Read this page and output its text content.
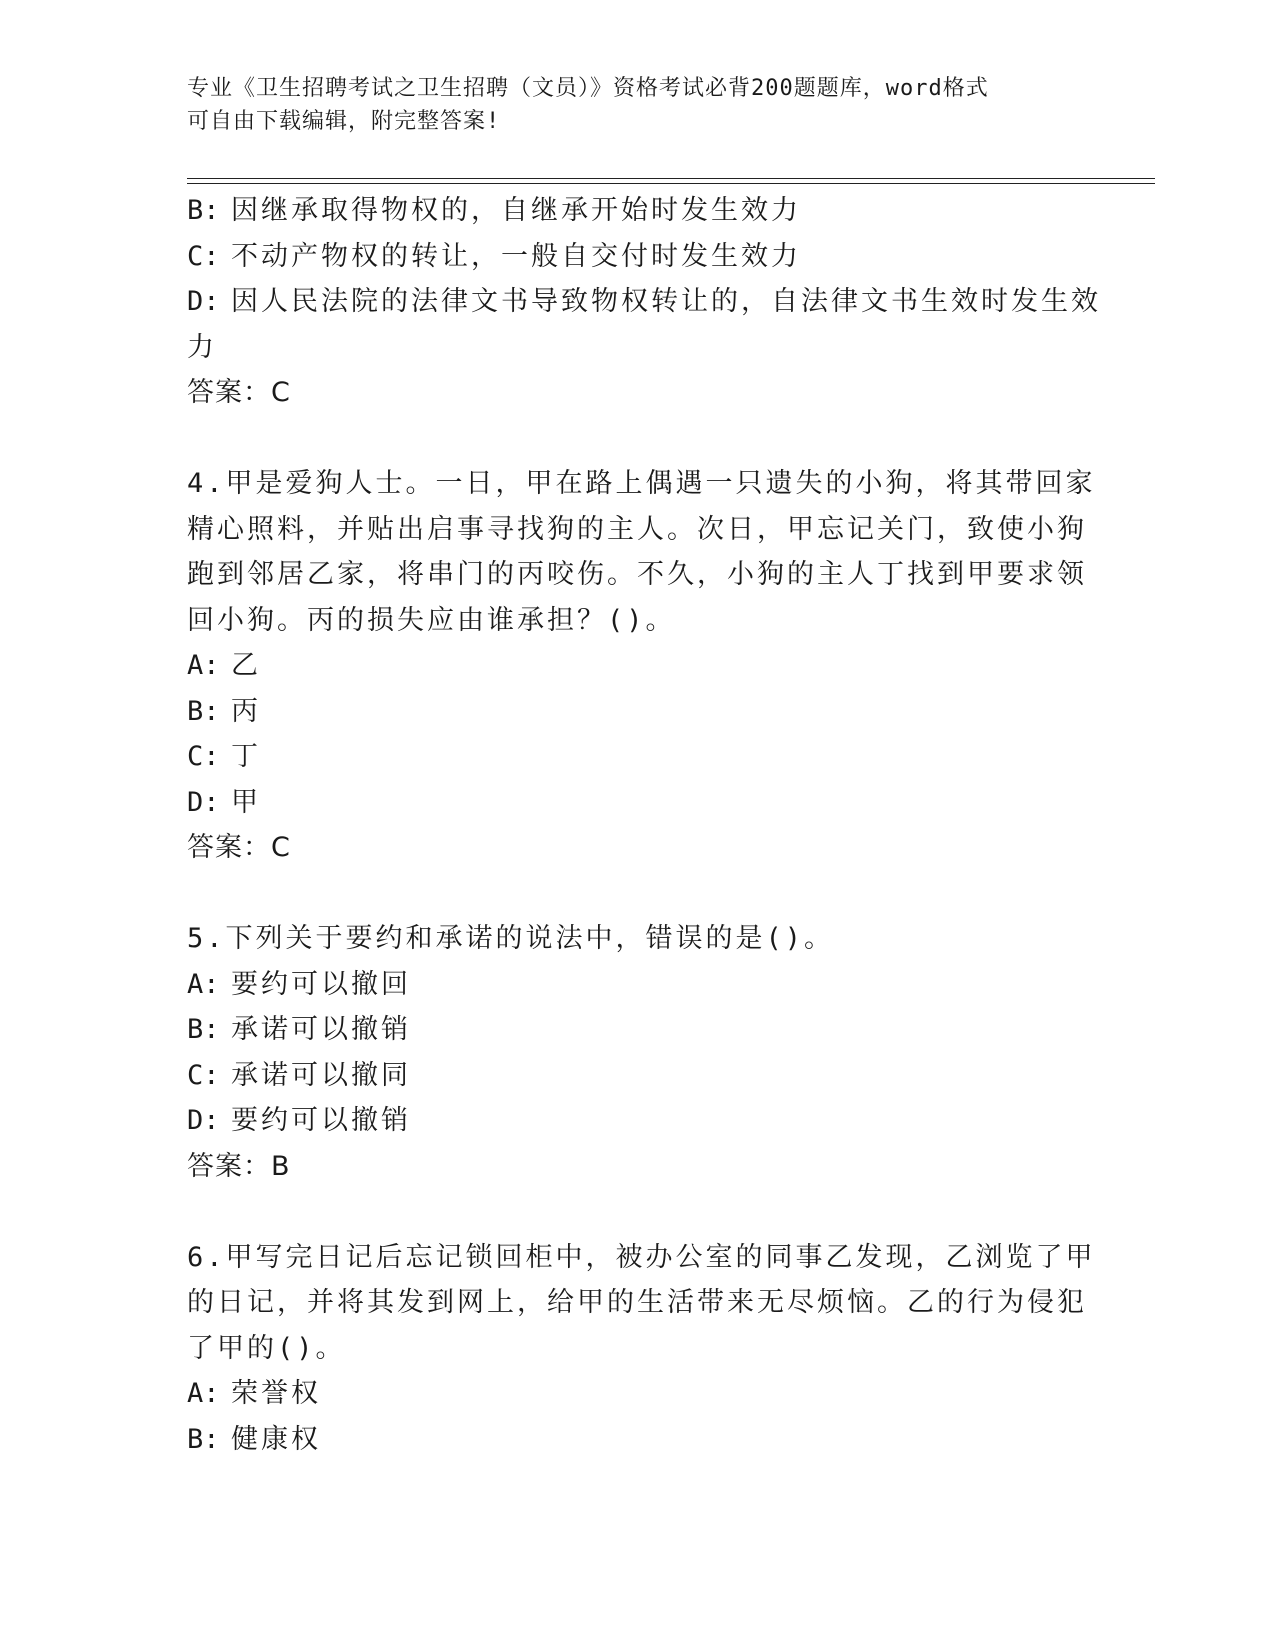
专业《卫生招聘考试之卫生招聘（文员）》资格考试必背200题题库，word格式
可自由下载编辑，附完整答案!
B: 因继承取得物权的，自继承开始时发生效力
C: 不动产物权的转让，一般自交付时发生效力
D: 因人民法院的法律文书导致物权转让的，自法律文书生效时发生效
力
答案：C
4.甲是爱狗人士。一日，甲在路上偶遇一只遗失的小狗，将其带回家
精心照料，并贴出启事寻找狗的主人。次日，甲忘记关门，致使小狗
跑到邻居乙家，将串门的丙咬伤。不久，小狗的主人丁找到甲要求领
回小狗。丙的损失应由谁承担？()。
A: 乙
B: 丙
C: 丁
D: 甲
答案：C
5.下列关于要约和承诺的说法中，错误的是()。
A: 要约可以撤回
B: 承诺可以撤销
C: 承诺可以撤同
D: 要约可以撤销
答案：B
6.甲写完日记后忘记锁回柜中，被办公室的同事乙发现，乙浏览了甲
的日记，并将其发到网上，给甲的生活带来无尽烦恼。乙的行为侵犯
了甲的()。
A: 荣誉权
B: 健康权
